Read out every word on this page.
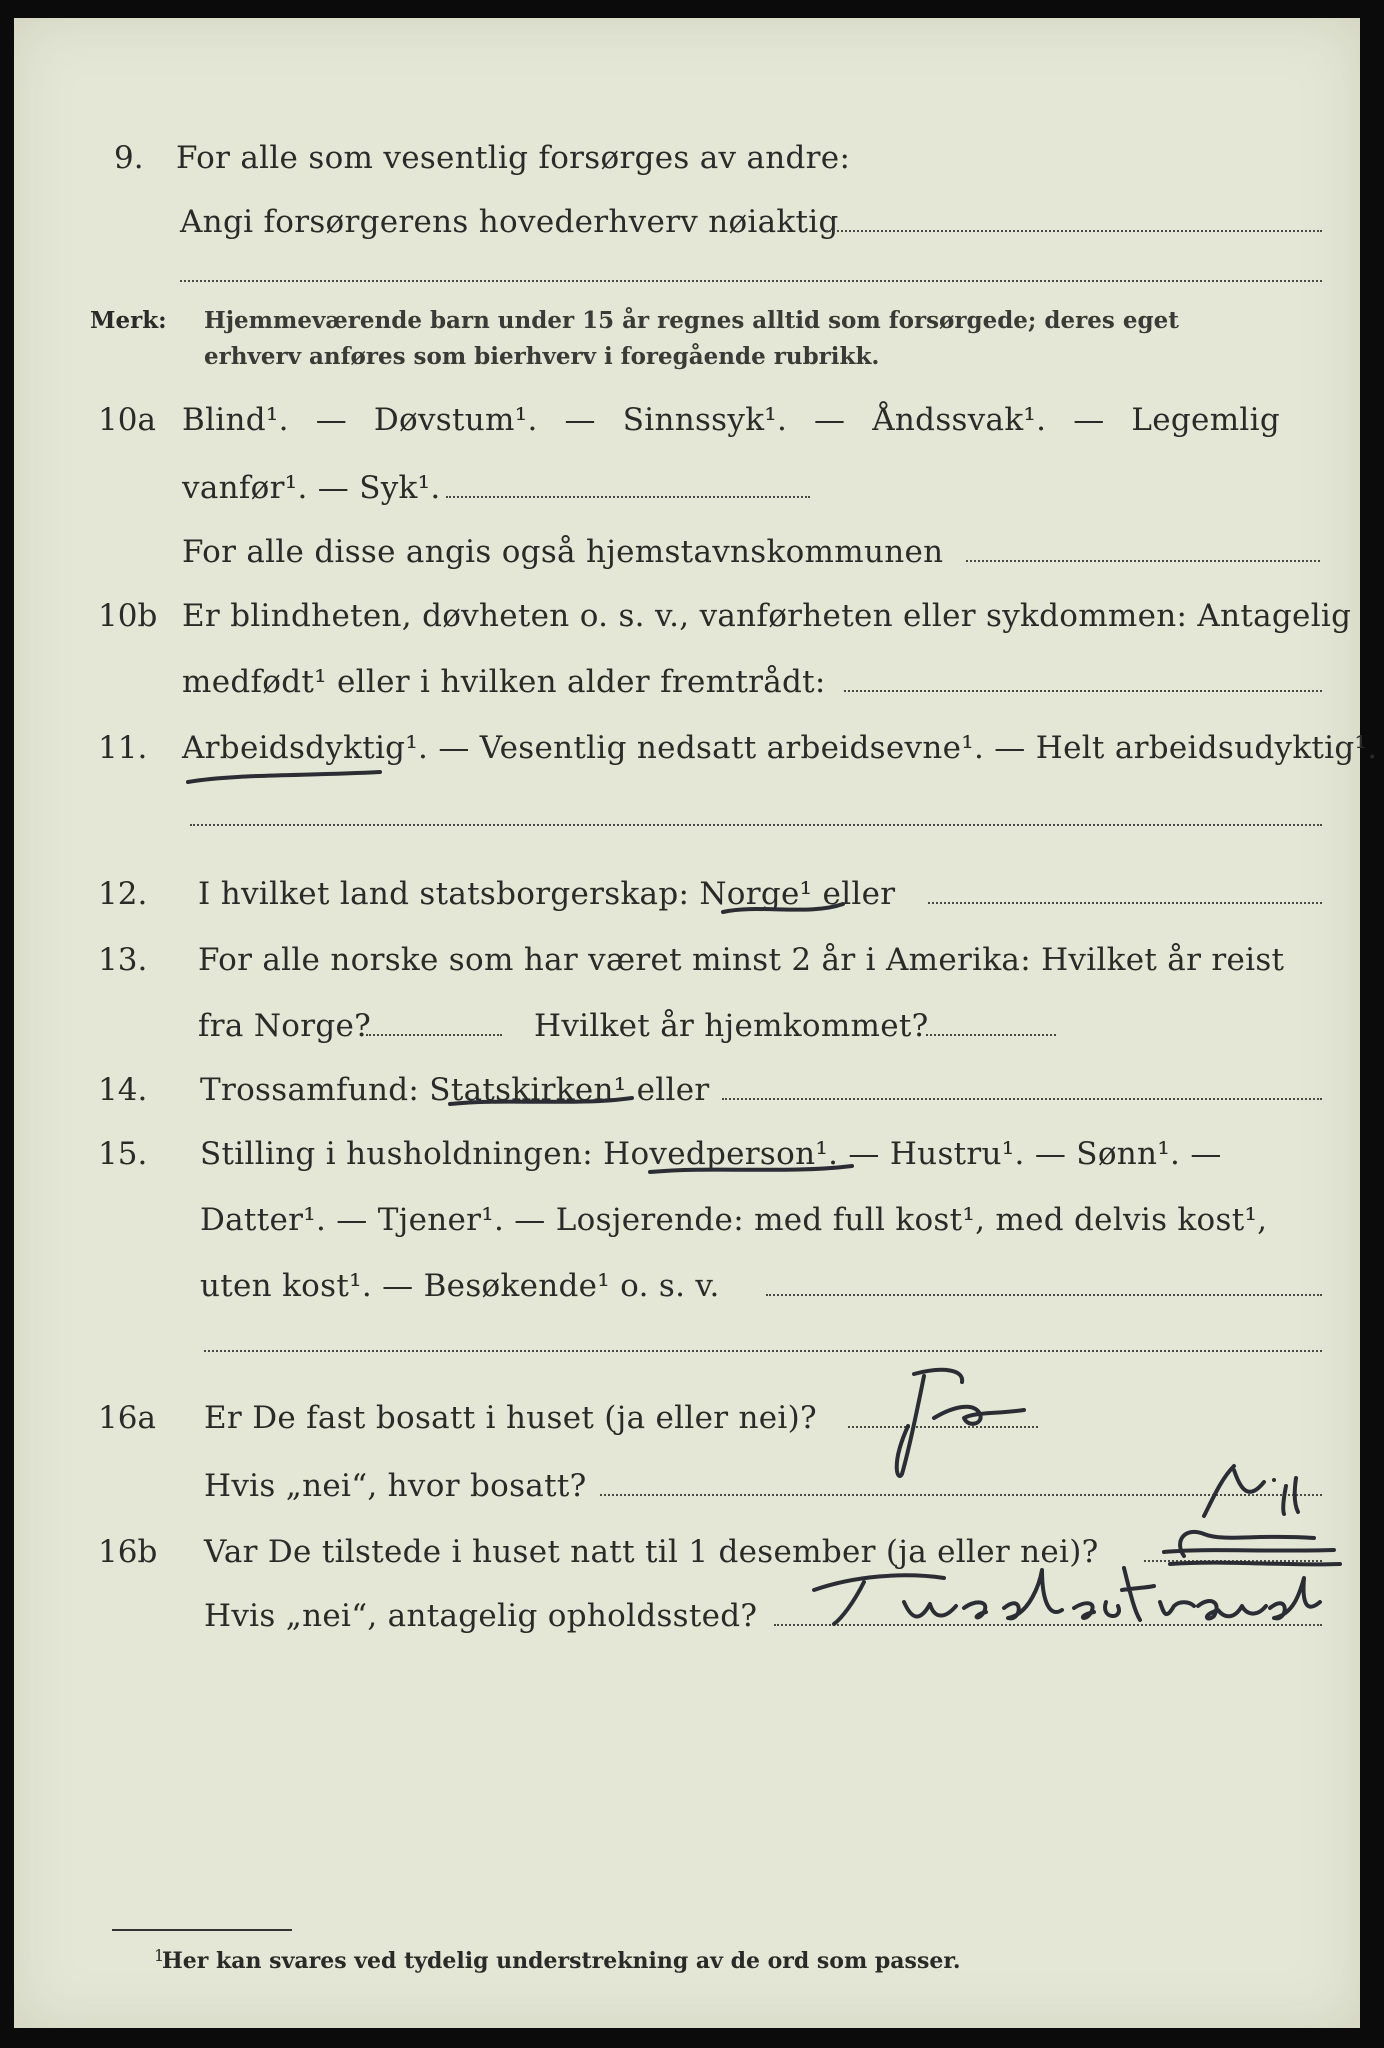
9.	For alle som vesentlig forsørges av andre:
Angi forsørgerens hovederhverv nøiaktig
Merk: Hjemmeværende barn under 15 år regnes alltid som forsørgede; deres eget erhverv anføres som bierhverv i foregående rubrikk.
10a Blind¹. — Døvstum¹. — Sinnssyk¹. — Åndssvak¹. — Legemlig
vanfør¹. — Syk¹.
For alle disse angis også hjemstavnskommunen
10b Er blindheten, døvheten o. s. v., vanførheten eller sykdommen: Antagelig
medfødt¹ eller i hvilken alder fremtrådt:
11.	Arbeidsdyktig¹. — Vesentlig nedsatt arbeidsevne¹. — Helt arbeidsudyktig¹.
12.	I hvilket land statsborgerskap: Norge¹ eller
13.	For alle norske som har været minst 2 år i Amerika: Hvilket år reist
fra Norge?	Hvilket år hjemkommet?
14.	Trossamfund: Statskirken¹ eller
15.	Stilling i husholdningen: Hovedperson¹. — Hustru¹. — Sønn¹. —
Datter¹. — Tjener¹. — Losjerende: med full kost¹, med delvis kost¹,
uten kost¹. — Besøkende¹ o. s. v.
16a	Er De fast bosatt i huset (ja eller nei)?
Hvis „nei“, hvor bosatt?
16b	Var De tilstede i huset natt til 1 desember (ja eller nei)?
Hvis „nei“, antagelig opholdssted?
1
Her kan svares ved tydelig understrekning av de ord som passer.
